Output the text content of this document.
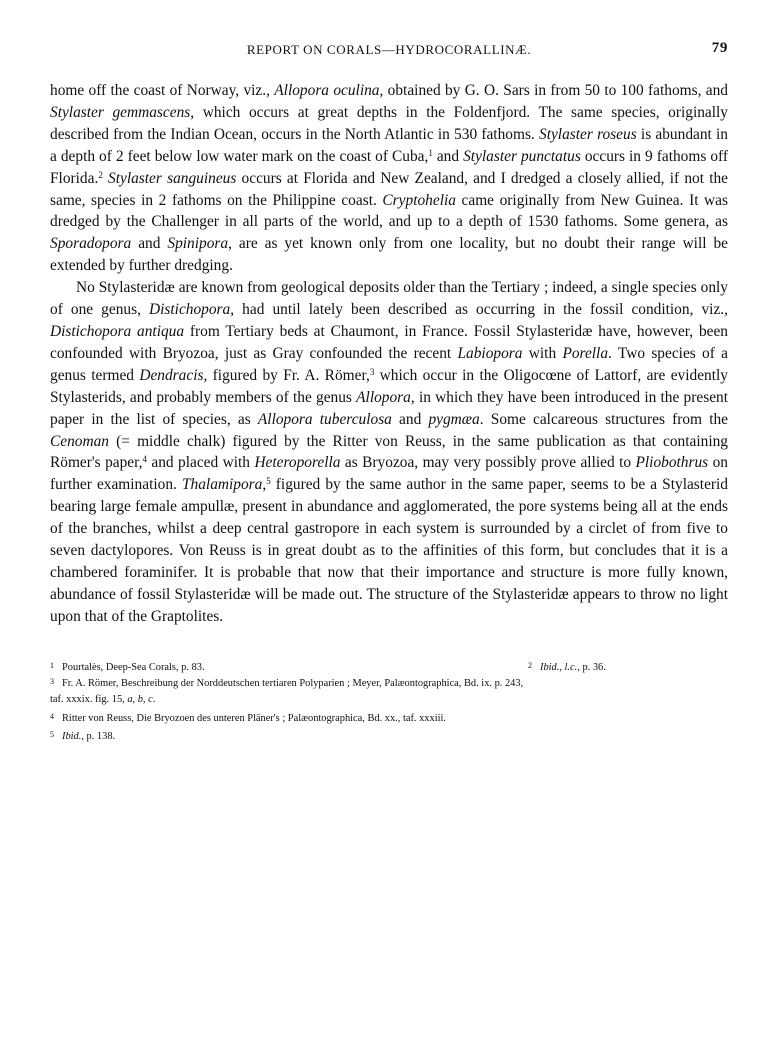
REPORT ON CORALS—HYDROCORALLINÆ.	79

home off the coast of Norway, viz., Allopora oculina, obtained by G. O. Sars in from 50 to 100 fathoms, and Stylaster gemmascens, which occurs at great depths in the Foldenfjord. The same species, originally described from the Indian Ocean, occurs in the North Atlantic in 530 fathoms. Stylaster roseus is abundant in a depth of 2 feet below low water mark on the coast of Cuba,$^1$ and Stylaster punctatus occurs in 9 fathoms off Florida.$^2$ Stylaster sanguineus occurs at Florida and New Zealand, and I dredged a closely allied, if not the same, species in 2 fathoms on the Philippine coast. Cryptohelia came originally from New Guinea. It was dredged by the Challenger in all parts of the world, and up to a depth of 1530 fathoms. Some genera, as Sporadopora and Spinipora, are as yet known only from one locality, but no doubt their range will be extended by further dredging.

No Stylasteridæ are known from geological deposits older than the Tertiary ; indeed, a single species only of one genus, Distichopora, had until lately been described as occurring in the fossil condition, viz., Distichopora antiqua from Tertiary beds at Chaumont, in France. Fossil Stylasteridæ have, however, been confounded with Bryozoa, just as Gray confounded the recent Labiopora with Porella. Two species of a genus termed Dendracis, figured by Fr. A. Römer,$^3$ which occur in the Oligocœne of Lattorf, are evidently Stylasterids, and probably members of the genus Allopora, in which they have been introduced in the present paper in the list of species, as Allopora tuberculosa and pygmæa. Some calcareous structures from the Cenoman (= middle chalk) figured by the Ritter von Reuss, in the same publication as that containing Römer's paper,$^4$ and placed with Heteroporella as Bryozoa, may very possibly prove allied to Pliobothrus on further examination. Thalamipora,$^5$ figured by the same author in the same paper, seems to be a Stylasterid bearing large female ampullæ, present in abundance and agglomerated, the pore systems being all at the ends of the branches, whilst a deep central gastropore in each system is surrounded by a circlet of from five to seven dactylopores. Von Reuss is in great doubt as to the affinities of this form, but concludes that it is a chambered foraminifer. It is probable that now that their importance and structure is more fully known, abundance of fossil Stylasteridæ will be made out. The structure of the Stylasteridæ appears to throw no light upon that of the Graptolites.

1 Pourtalès, Deep-Sea Corals, p. 83.	2 Ibid., l.c., p. 36.
3 Fr. A. Römer, Beschreibung der Norddeutschen tertiaren Polyparien ; Meyer, Palæontographica, Bd. ix. p. 243,
taf. xxxix. fig. 15, a, b, c.
4 Ritter von Reuss, Die Bryozoen des unteren Pläner's ; Palæontographica, Bd. xx., taf. xxxiii.
5 Ibid., p. 138.
